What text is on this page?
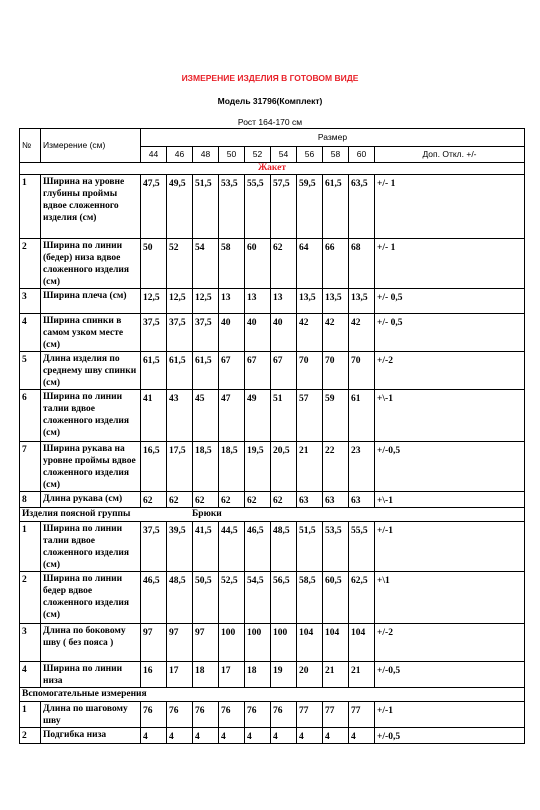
ИЗМЕРЕНИЕ ИЗДЕЛИЯ В ГОТОВОМ ВИДЕ
Модель 31796(Комплект)
Рост 164-170 см
№	Измерение (см)	Размер									
		44	46	48	50	52	54	56	58	60	Доп. Откл. +/-
Жакет											
1	Ширина на уровне глубины проймы вдвое сложенного изделия (см)	47,5	49,5	51,5	53,5	55,5	57,5	59,5	61,5	63,5	+/- 1
2	Ширина по линии (бедер) низа вдвое сложенного изделия (см)	50	52	54	58	60	62	64	66	68	+/- 1
3	Ширина плеча (см)	12,5	12,5	12,5	13	13	13	13,5	13,5	13,5	+/- 0,5
4	Ширина спинки в самом узком месте (см)	37,5	37,5	37,5	40	40	40	42	42	42	+/- 0,5
5	Длина изделия по среднему шву спинки (см)	61,5	61,5	61,5	67	67	67	70	70	70	+/-2
6	Ширина по линии талии вдвое сложенного изделия (см)	41	43	45	47	49	51	57	59	61	+\-1
7	Ширина рукава на уровне проймы вдвое сложенного изделия (см)	16,5	17,5	18,5	18,5	19,5	20,5	21	22	23	+/-0,5
8	Длина рукава (см)	62	62	62	62	62	62	63	63	63	+\-1
Изделия поясной группы Брюки											
1	Ширина по линии талии вдвое сложенного изделия (см)	37,5	39,5	41,5	44,5	46,5	48,5	51,5	53,5	55,5	+/-1
2	Ширина по линии бедер вдвое сложенного изделия (см)	46,5	48,5	50,5	52,5	54,5	56,5	58,5	60,5	62,5	+\1
3	Длина по боковому шву ( без пояса )	97	97	97	100	100	100	104	104	104	+/-2
4	Ширина по линии низа	16	17	18	17	18	19	20	21	21	+/-0,5
Вспомогательные измерения											
1	Длина по шаговому шву	76	76	76	76	76	76	77	77	77	+/-1
2	Подгибка низа	4	4	4	4	4	4	4	4	4	+/-0,5
